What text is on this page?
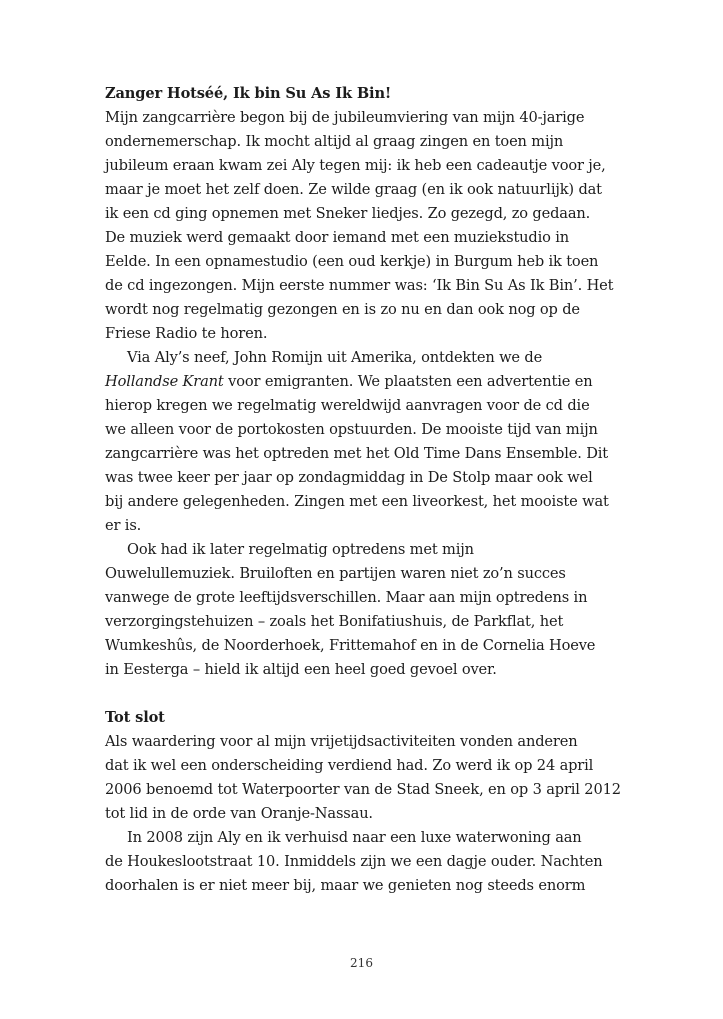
Zanger Hotséé, Ik bin Su As Ik Bin!
Mijn zangcarrière begon bij de jubileumviering van mijn 40-jarige
ondernemerschap. Ik mocht altijd al graag zingen en toen mijn
jubileum eraan kwam zei Aly tegen mij: ik heb een cadeautje voor je,
maar je moet het zelf doen. Ze wilde graag (en ik ook natuurlijk) dat
ik een cd ging opnemen met Sneker liedjes. Zo gezegd, zo gedaan.
De muziek werd gemaakt door iemand met een muziekstudio in
Eelde. In een opnamestudio (een oud kerkje) in Burgum heb ik toen
de cd ingezongen. Mijn eerste nummer was: ‘Ik Bin Su As Ik Bin’. Het
wordt nog regelmatig gezongen en is zo nu en dan ook nog op de
Friese Radio te horen.
Via Aly’s neef, John Romijn uit Amerika, ontdekten we de
Hollandse Krant voor emigranten. We plaatsten een advertentie en
hierop kregen we regelmatig wereldwijd aanvragen voor de cd die
we alleen voor de portokosten opstuurden. De mooiste tijd van mijn
zangcarrière was het optreden met het Old Time Dans Ensemble. Dit
was twee keer per jaar op zondagmiddag in De Stolp maar ook wel
bij andere gelegenheden. Zingen met een liveorkest, het mooiste wat
er is.
Ook had ik later regelmatig optredens met mijn
Ouwelullemuziek. Bruiloften en partijen waren niet zo’n succes
vanwege de grote leeftijdsverschillen. Maar aan mijn optredens in
verzorgingstehuizen – zoals het Bonifatiushuis, de Parkflat, het
Wumkeshûs, de Noorderhoek, Frittemahof en in de Cornelia Hoeve
in Eesterga – hield ik altijd een heel goed gevoel over.
Tot slot
Als waardering voor al mijn vrijetijdsactiviteiten vonden anderen
dat ik wel een onderscheiding verdiend had. Zo werd ik op 24 april
2006 benoemd tot Waterpoorter van de Stad Sneek, en op 3 april 2012
tot lid in de orde van Oranje-Nassau.
In 2008 zijn Aly en ik verhuisd naar een luxe waterwoning aan
de Houkeslootstraat 10. Inmiddels zijn we een dagje ouder. Nachten
doorhalen is er niet meer bij, maar we genieten nog steeds enorm
216
